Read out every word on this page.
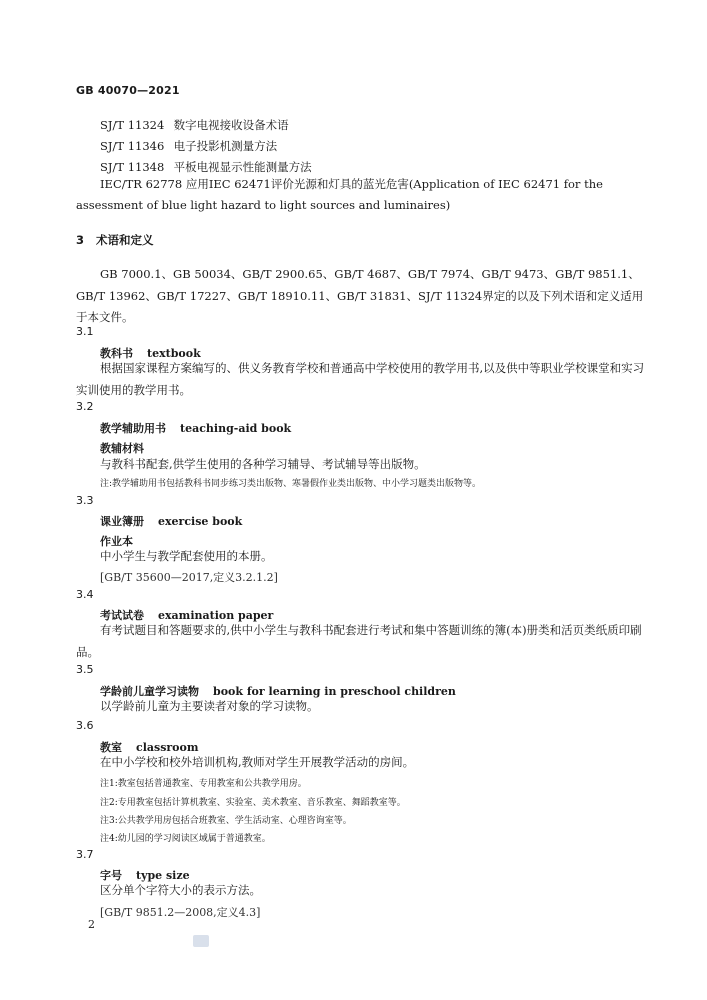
GB 40070—2021
SJ/T 11324 数字电视接收设备术语
SJ/T 11346 电子投影机测量方法
SJ/T 11348 平板电视显示性能测量方法
IEC/TR 62778 应用IEC 62471评价光源和灯具的蓝光危害(Application of IEC 62471 for the assessment of blue light hazard to light sources and luminaires)
3 术语和定义
GB 7000.1、GB 50034、GB/T 2900.65、GB/T 4687、GB/T 7974、GB/T 9473、GB/T 9851.1、GB/T 13962、GB/T 17227、GB/T 18910.11、GB/T 31831、SJ/T 11324界定的以及下列术语和定义适用于本文件。
3.1
教科书 textbook
根据国家课程方案编写的、供义务教育学校和普通高中学校使用的教学用书,以及供中等职业学校课堂和实习实训使用的教学用书。
3.2
教学辅助用书 teaching-aid book
教辅材料
与教科书配套,供学生使用的各种学习辅导、考试辅导等出版物。
注:教学辅助用书包括教科书同步练习类出版物、寒暑假作业类出版物、中小学习题类出版物等。
3.3
课业簿册 exercise book
作业本
中小学生与教学配套使用的本册。
[GB/T 35600—2017,定义3.2.1.2]
3.4
考试试卷 examination paper
有考试题目和答题要求的,供中小学生与教科书配套进行考试和集中答题训练的簿(本)册类和活页类纸质印刷品。
3.5
学龄前儿童学习读物 book for learning in preschool children
以学龄前儿童为主要读者对象的学习读物。
3.6
教室 classroom
在中小学校和校外培训机构,教师对学生开展教学活动的房间。
注1:教室包括普通教室、专用教室和公共教学用房。
注2:专用教室包括计算机教室、实验室、美术教室、音乐教室、舞蹈教室等。
注3:公共教学用房包括合班教室、学生活动室、心理咨询室等。
注4:幼儿园的学习阅读区域属于普通教室。
3.7
字号 type size
区分单个字符大小的表示方法。
[GB/T 9851.2—2008,定义4.3]
2
